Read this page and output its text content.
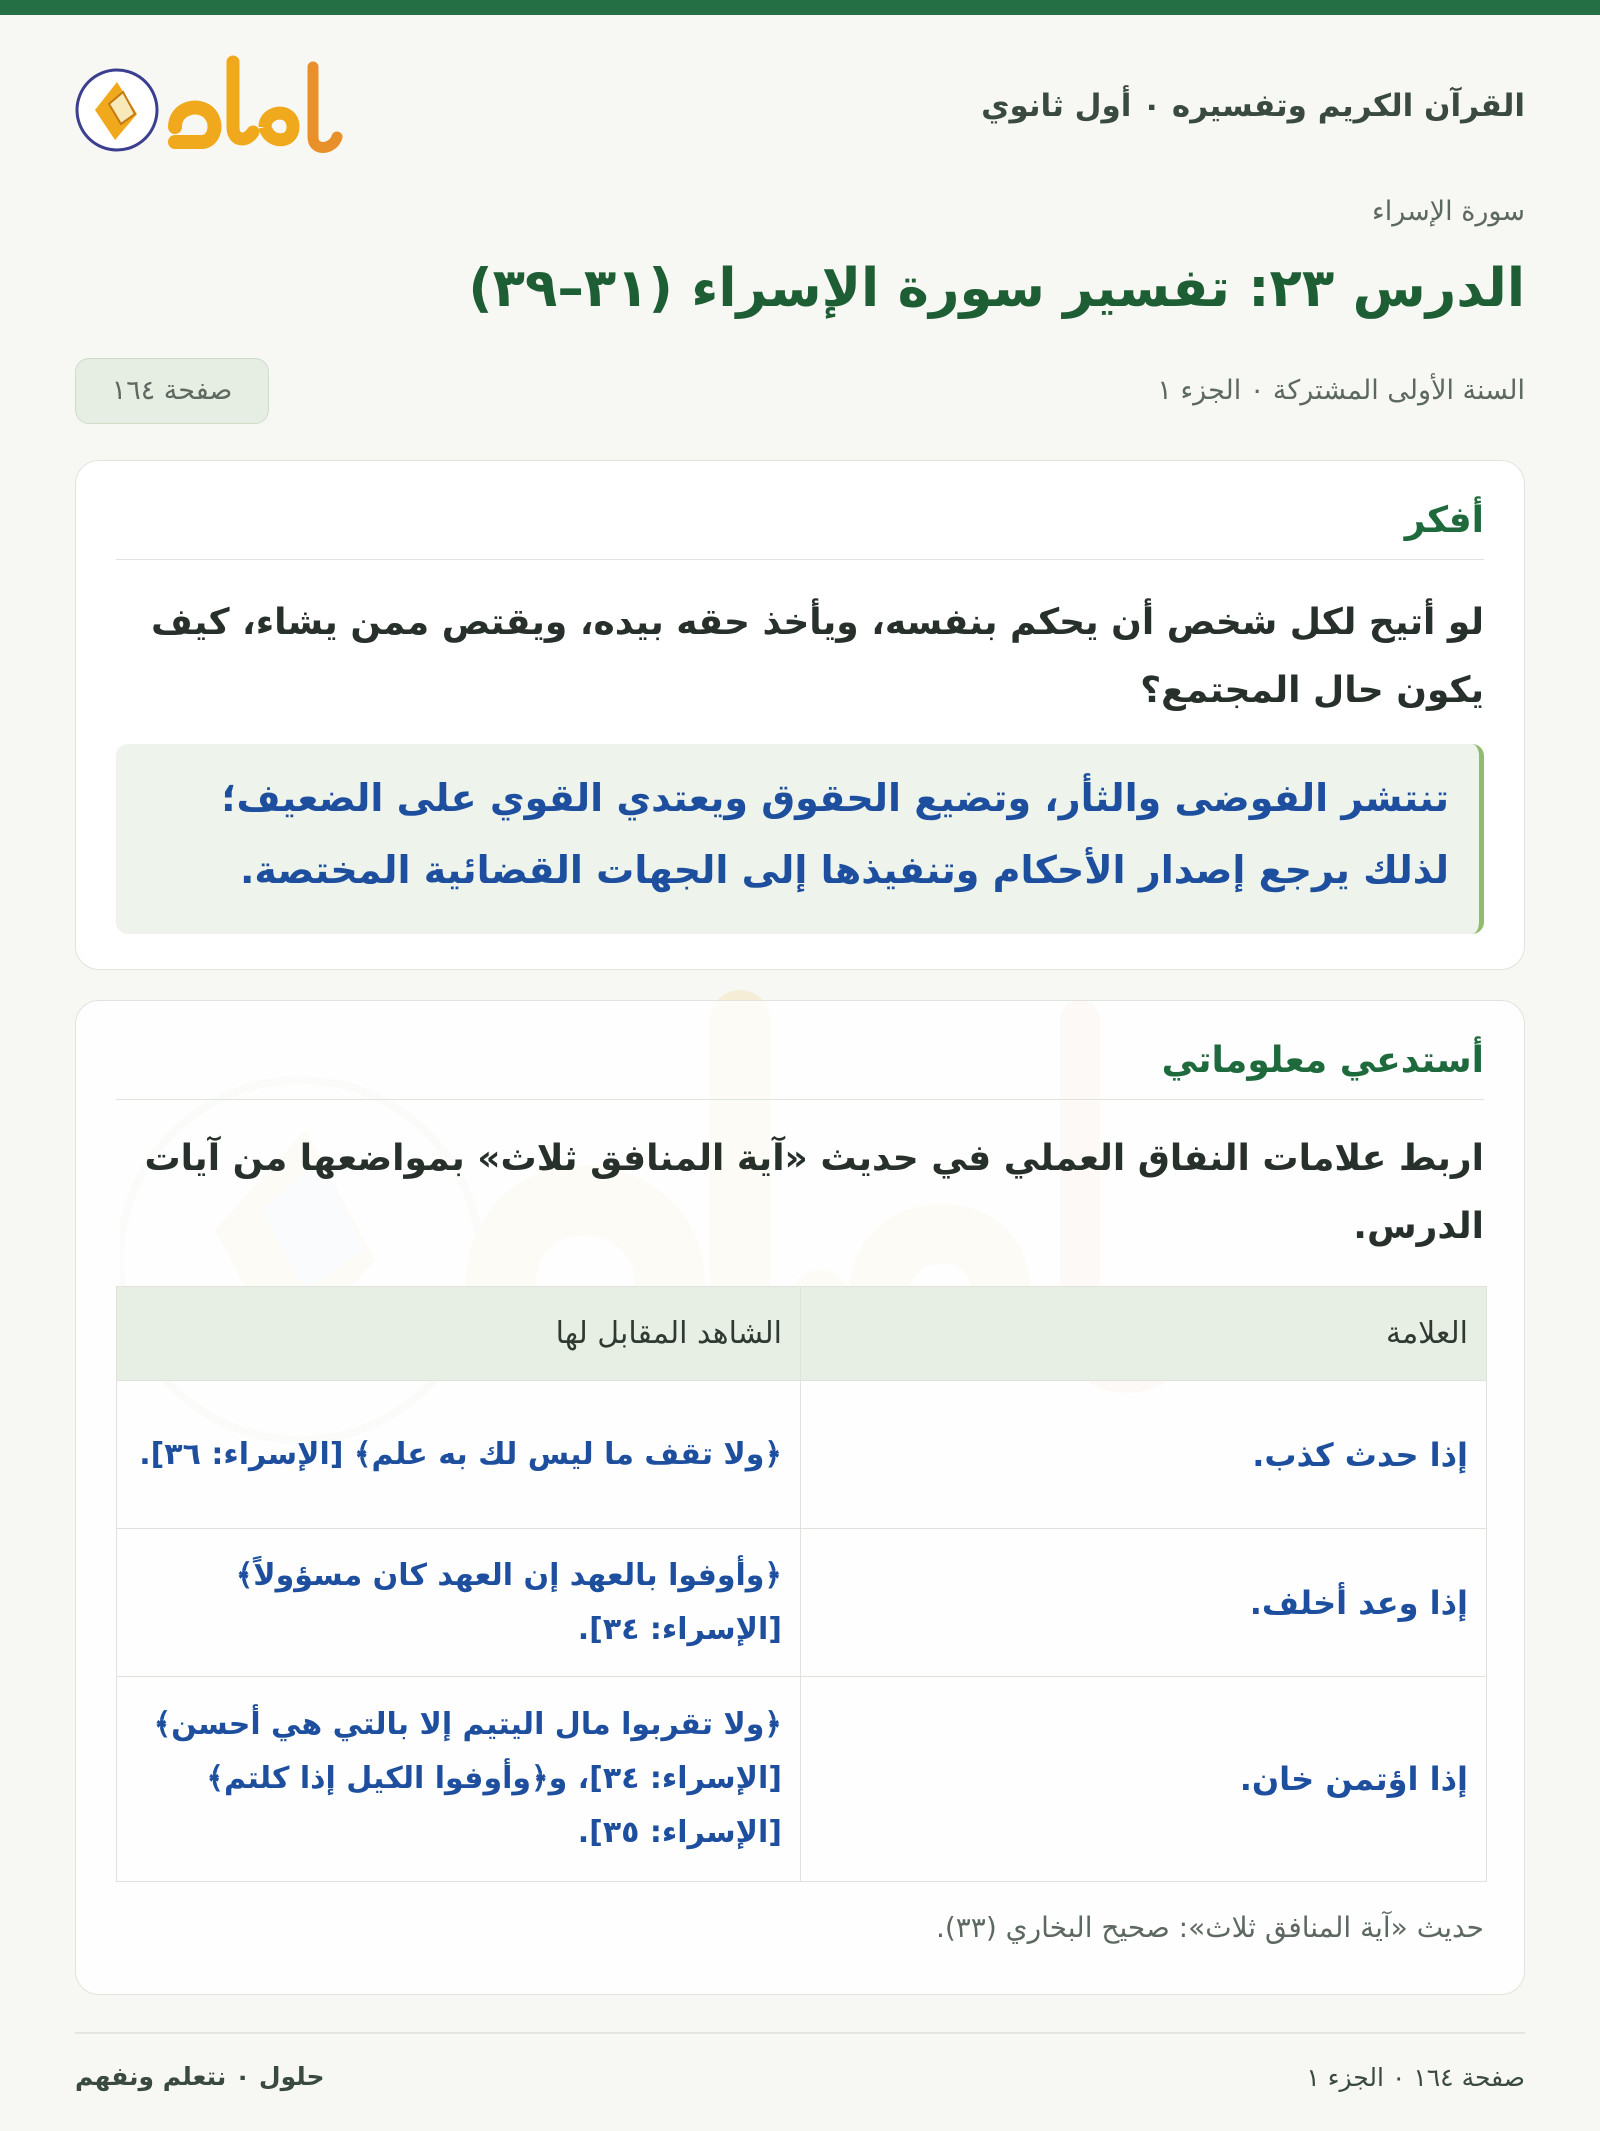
القرآن الكريم وتفسيره ٠ أول ثانوي
سورة الإسراء
الدرس ٢٣: تفسير سورة الإسراء (٣١–٣٩)
السنة الأولى المشتركة ٠ الجزء ١
صفحة ١٦٤
أفكر
لو أتيح لكل شخص أن يحكم بنفسه، ويأخذ حقه بيده، ويقتص ممن يشاء، كيف يكون حال المجتمع؟
تنتشر الفوضى والثأر، وتضيع الحقوق ويعتدي القوي على الضعيف؛ لذلك يرجع إصدار الأحكام وتنفيذها إلى الجهات القضائية المختصة.
أستدعي معلوماتي
اربط علامات النفاق العملي في حديث «آية المنافق ثلاث» بمواضعها من آيات الدرس.
العلامة	الشاهد المقابل لها
إذا حدث كذب.	﴿ولا تقف ما ليس لك به علم﴾ [الإسراء: ٣٦].
إذا وعد أخلف.	﴿وأوفوا بالعهد إن العهد كان مسؤولاً﴾ [الإسراء: ٣٤].
إذا اؤتمن خان.	﴿ولا تقربوا مال اليتيم إلا بالتي هي أحسن﴾ [الإسراء: ٣٤]، و﴿وأوفوا الكيل إذا كلتم﴾ [الإسراء: ٣٥].
حديث «آية المنافق ثلاث»: صحيح البخاري (٣٣).
حلول ٠ نتعلم ونفهم	صفحة ١٦٤ ٠ الجزء ١
